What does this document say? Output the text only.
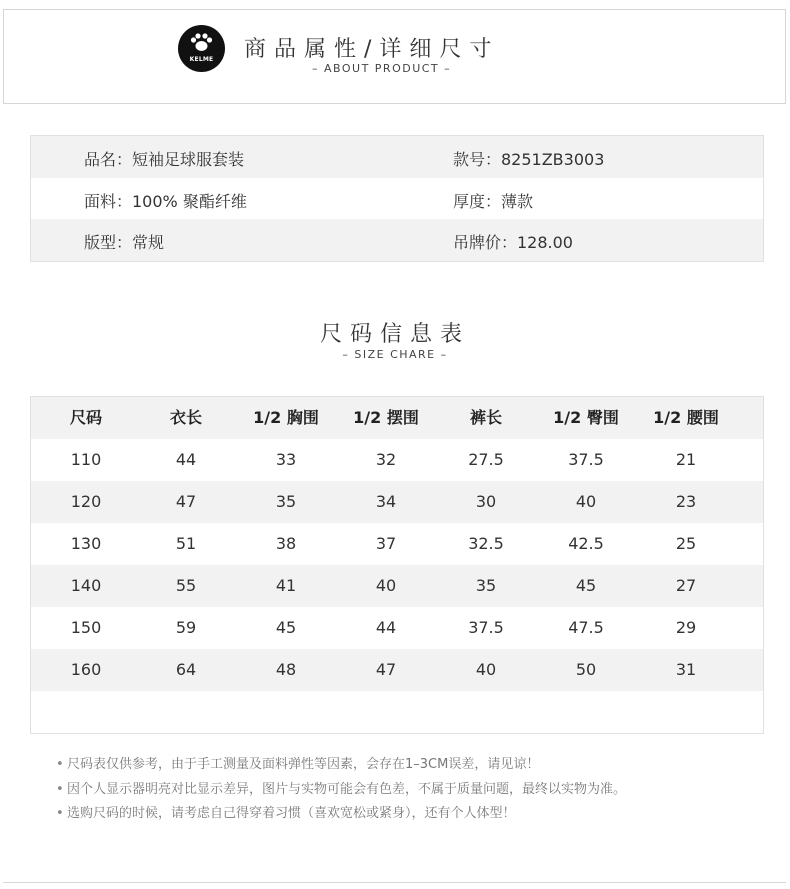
KELME	商品属性/详细尺寸
– ABOUT PRODUCT –
品名：短袖足球服套装	款号：8251ZB3003
面料：100% 聚酯纤维	厚度：薄款
版型：常规	吊牌价：128.00
尺码信息表
– SIZE CHARE –
尺码	衣长	1/2 胸围	1/2 摆围	裤长	1/2 臀围	1/2 腰围
110	44	33	32	27.5	37.5	21
120	47	35	34	30	40	23
130	51	38	37	32.5	42.5	25
140	55	41	40	35	45	27
150	59	45	44	37.5	47.5	29
160	64	48	47	40	50	31
• 尺码表仅供参考，由于手工测量及面料弹性等因素，会存在1–3CM误差，请见谅！
• 因个人显示器明亮对比显示差异，图片与实物可能会有色差，不属于质量问题，最终以实物为准。
• 选购尺码的时候，请考虑自己得穿着习惯（喜欢宽松或紧身），还有个人体型！
